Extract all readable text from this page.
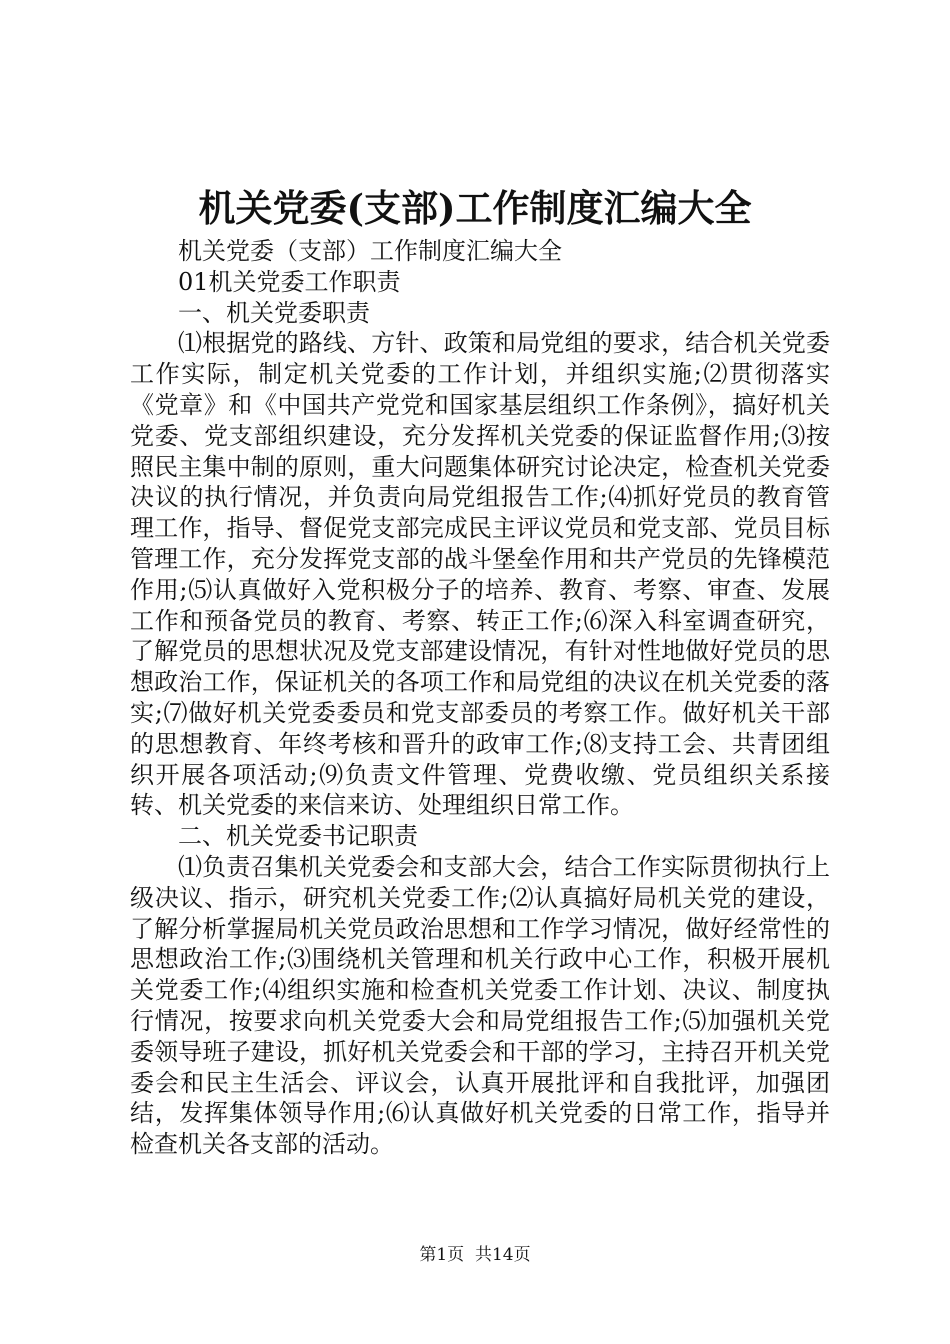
机关党委(支部)工作制度汇编大全

机关党委（支部）工作制度汇编大全

01机关党委工作职责

一、机关党委职责

⑴根据党的路线、方针、政策和局党组的要求，结合机关党委工作实际，制定机关党委的工作计划，并组织实施;⑵贯彻落实《党章》和《中国共产党党和国家基层组织工作条例》，搞好机关党委、党支部组织建设，充分发挥机关党委的保证监督作用;⑶按照民主集中制的原则，重大问题集体研究讨论决定，检查机关党委决议的执行情况，并负责向局党组报告工作;⑷抓好党员的教育管理工作，指导、督促党支部完成民主评议党员和党支部、党员目标管理工作，充分发挥党支部的战斗堡垒作用和共产党员的先锋模范作用;⑸认真做好入党积极分子的培养、教育、考察、审查、发展工作和预备党员的教育、考察、转正工作;⑹深入科室调查研究，了解党员的思想状况及党支部建设情况，有针对性地做好党员的思想政治工作，保证机关的各项工作和局党组的决议在机关党委的落实;⑺做好机关党委委员和党支部委员的考察工作。做好机关干部的思想教育、年终考核和晋升的政审工作;⑻支持工会、共青团组织开展各项活动;⑼负责文件管理、党费收缴、党员组织关系接转、机关党委的来信来访、处理组织日常工作。

二、机关党委书记职责

⑴负责召集机关党委会和支部大会，结合工作实际贯彻执行上级决议、指示，研究机关党委工作;⑵认真搞好局机关党的建设，了解分析掌握局机关党员政治思想和工作学习情况，做好经常性的思想政治工作;⑶围绕机关管理和机关行政中心工作，积极开展机关党委工作;⑷组织实施和检查机关党委工作计划、决议、制度执行情况，按要求向机关党委大会和局党组报告工作;⑸加强机关党委领导班子建设，抓好机关党委会和干部的学习，主持召开机关党委会和民主生活会、评议会，认真开展批评和自我批评，加强团结，发挥集体领导作用;⑹认真做好机关党委的日常工作，指导并检查机关各支部的活动。

第1页  共14页
